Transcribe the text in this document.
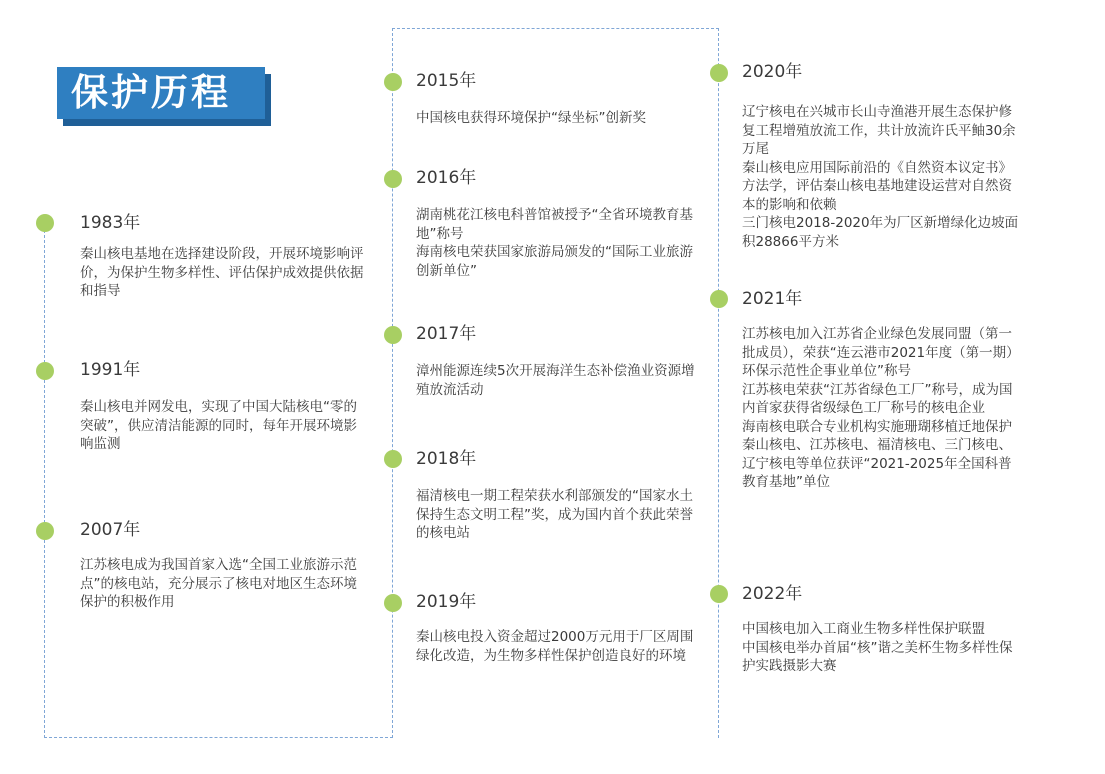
保护历程
1983年

秦山核电基地在选择建设阶段，开展环境影响评价，为保护生物多样性、评估保护成效提供依据和指导

1991年

秦山核电并网发电，实现了中国大陆核电“零的突破”，供应清洁能源的同时，每年开展环境影响监测

2007年

江苏核电成为我国首家入选“全国工业旅游示范点”的核电站，充分展示了核电对地区生态环境保护的积极作用

2015年

中国核电获得环境保护“绿坐标”创新奖

2016年

湖南桃花江核电科普馆被授予“全省环境教育基地”称号

海南核电荣获国家旅游局颁发的“国际工业旅游创新单位”

2017年

漳州能源连续5次开展海洋生态补偿渔业资源增殖放流活动

2018年

福清核电一期工程荣获水利部颁发的“国家水土保持生态文明工程”奖，成为国内首个获此荣誉的核电站

2019年

秦山核电投入资金超过2000万元用于厂区周围绿化改造，为生物多样性保护创造良好的环境

2020年

辽宁核电在兴城市长山寺渔港开展生态保护修复工程增殖放流工作，共计放流许氏平鲉30余万尾

秦山核电应用国际前沿的《自然资本议定书》方法学，评估秦山核电基地建设运营对自然资本的影响和依赖

三门核电2018-2020年为厂区新增绿化边坡面积28866平方米

2021年

江苏核电加入江苏省企业绿色发展同盟（第一批成员），荣获“连云港市2021年度（第一期）环保示范性企事业单位”称号

江苏核电荣获“江苏省绿色工厂”称号，成为国内首家获得省级绿色工厂称号的核电企业

海南核电联合专业机构实施珊瑚移植迁地保护

秦山核电、江苏核电、福清核电、三门核电、辽宁核电等单位获评“2021-2025年全国科普教育基地”单位

2022年

中国核电加入工商业生物多样性保护联盟

中国核电举办首届“核”谐之美杯生物多样性保护实践摄影大赛
